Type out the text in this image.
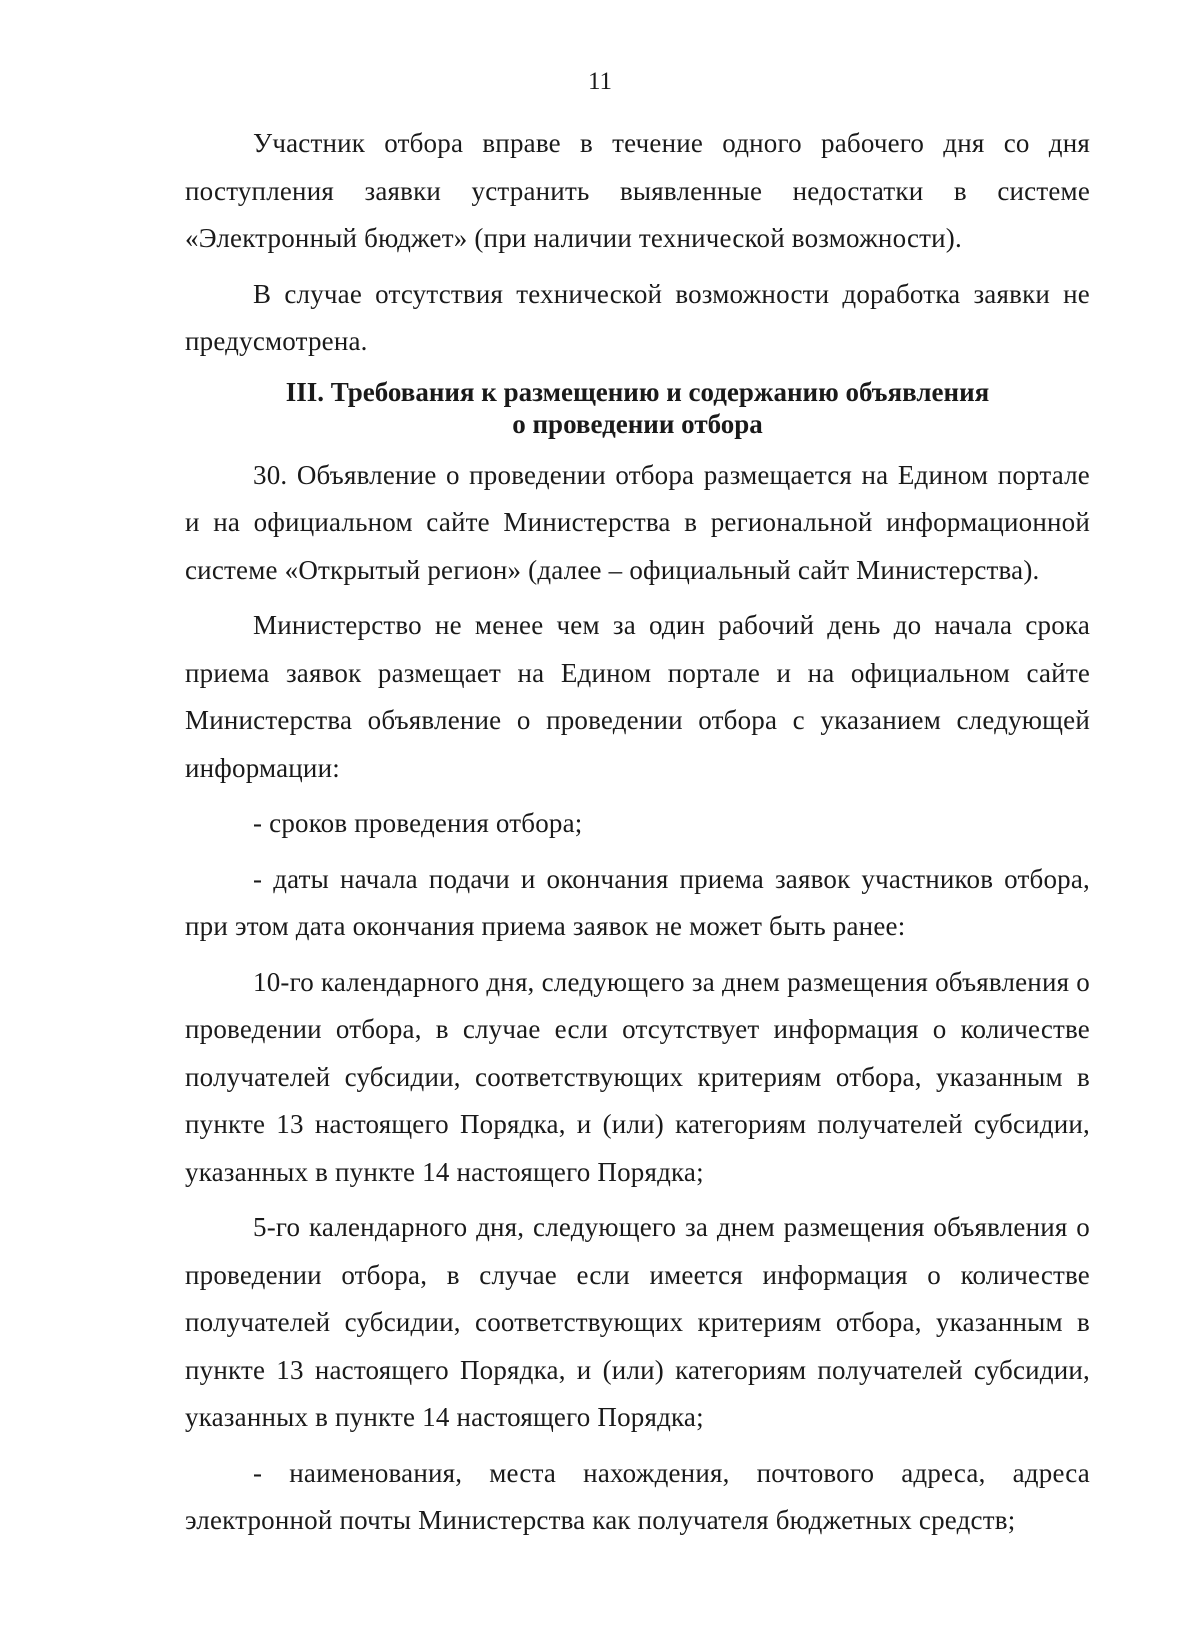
11

Участник отбора вправе в течение одного рабочего дня со дня поступления заявки устранить выявленные недостатки в системе «Электронный бюджет» (при наличии технической возможности).

В случае отсутствия технической возможности доработка заявки не предусмотрена.

III. Требования к размещению и содержанию объявления
о проведении отбора

30. Объявление о проведении отбора размещается на Едином портале и на официальном сайте Министерства в региональной информационной системе «Открытый регион» (далее – официальный сайт Министерства).

Министерство не менее чем за один рабочий день до начала срока приема заявок размещает на Едином портале и на официальном сайте Министерства объявление о проведении отбора с указанием следующей информации:

- сроков проведения отбора;

- даты начала подачи и окончания приема заявок участников отбора, при этом дата окончания приема заявок не может быть ранее:

10-го календарного дня, следующего за днем размещения объявления о проведении отбора, в случае если отсутствует информация о количестве получателей субсидии, соответствующих критериям отбора, указанным в пункте 13 настоящего Порядка, и (или) категориям получателей субсидии, указанных в пункте 14 настоящего Порядка;

5-го календарного дня, следующего за днем размещения объявления о проведении отбора, в случае если имеется информация о количестве получателей субсидии, соответствующих критериям отбора, указанным в пункте 13 настоящего Порядка, и (или) категориям получателей субсидии, указанных в пункте 14 настоящего Порядка;

- наименования, места нахождения, почтового адреса, адреса электронной почты Министерства как получателя бюджетных средств;
